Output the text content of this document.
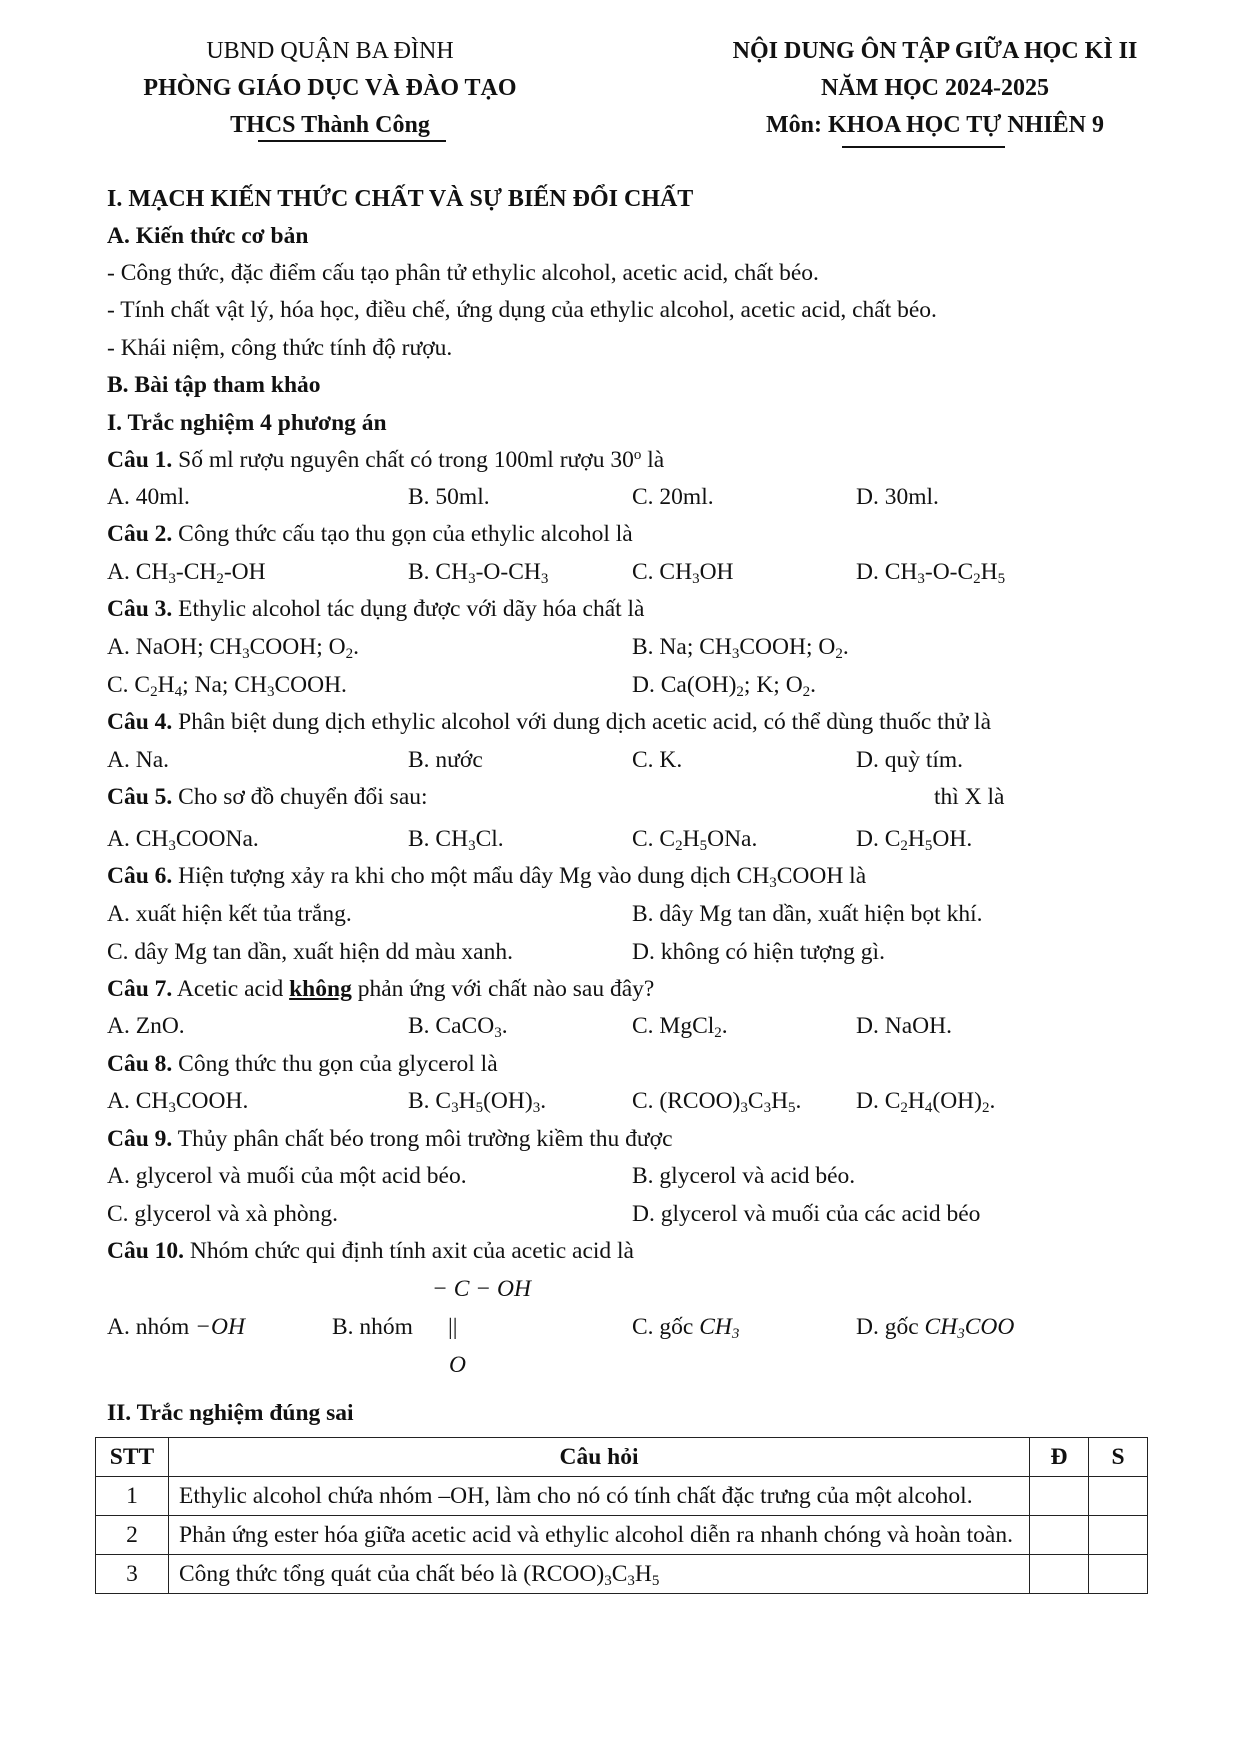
UBND QUẬN BA ĐÌNH
PHÒNG GIÁO DỤC VÀ ĐÀO TẠO
THCS Thành Công
NỘI DUNG ÔN TẬP GIỮA HỌC KÌ II
NĂM HỌC 2024-2025
Môn: KHOA HỌC TỰ NHIÊN 9
I. MẠCH KIẾN THỨC CHẤT VÀ SỰ BIẾN ĐỔI CHẤT
A. Kiến thức cơ bản
- Công thức, đặc điểm cấu tạo phân tử ethylic alcohol, acetic acid, chất béo.
- Tính chất vật lý, hóa học, điều chế, ứng dụng của ethylic alcohol, acetic acid, chất béo.
- Khái niệm, công thức tính độ rượu.
B. Bài tập tham khảo
I. Trắc nghiệm 4 phương án
Câu 1. Số ml rượu nguyên chất có trong 100ml rượu 30$^o$ là
A. 40ml.	B. 50ml.	C. 20ml.	D. 30ml.
Câu 2. Công thức cấu tạo thu gọn của ethylic alcohol là
A. $CH_3-CH_2-OH$	B. $CH_3-O-CH_3$	C. $CH_3OH$	D. $CH_3-O-C_2H_5$
Câu 3. Ethylic alcohol tác dụng được với dãy hóa chất là
A. NaOH; $CH_3COOH$; $O_2$.	B. Na; $CH_3COOH$; $O_2$.
C. $C_2H_4$; Na; $CH_3COOH$.	D. $Ca(OH)_2$; K; $O_2$.
Câu 4. Phân biệt dung dịch ethylic alcohol với dung dịch acetic acid, có thể dùng thuốc thử là
A. Na.	B. nước	C. K.	D. quỳ tím.
Câu 5. Cho sơ đồ chuyển đổi sau:	thì X là
A. $CH_3COONa$.	B. $CH_3Cl$.	C. $C_2H_5ONa$.	D. $C_2H_5OH$.
Câu 6. Hiện tượng xảy ra khi cho một mẩu dây Mg vào dung dịch $CH_3COOH$ là
A. xuất hiện kết tủa trắng.	B. dây Mg tan dần, xuất hiện bọt khí.
C. dây Mg tan dần, xuất hiện dd màu xanh.	D. không có hiện tượng gì.
Câu 7. Acetic acid không phản ứng với chất nào sau đây?
A. ZnO.	B. CaCO$_3$.	C. MgCl$_2$.	D. NaOH.
Câu 8. Công thức thu gọn của glycerol là
A. $CH_3COOH$.	B. $C_3H_5(OH)_3$.	C. $(RCOO)_3C_3H_5$. D. $C_2H_4(OH)_2$.
Câu 9. Thủy phân chất béo trong môi trường kiềm thu được
A. glycerol và muối của một acid béo.	B. glycerol và acid béo.
C. glycerol và xà phòng.	D. glycerol và muối của các acid béo
Câu 10. Nhóm chức qui định tính axit của acetic acid là
A. nhóm −OH	B. nhóm
− C − OH
||
O
C. gốc $CH_3$	D. gốc $CH_3COO$
II. Trắc nghiệm đúng sai
STT	Câu hỏi	Đ	S
1	Ethylic alcohol chứa nhóm –OH, làm cho nó có tính chất đặc trưng của một alcohol.		
2	Phản ứng ester hóa giữa acetic acid và ethylic alcohol diễn ra nhanh chóng và hoàn toàn.		
3	Công thức tổng quát của chất béo là $(RCOO)_3C_3H_5$		
